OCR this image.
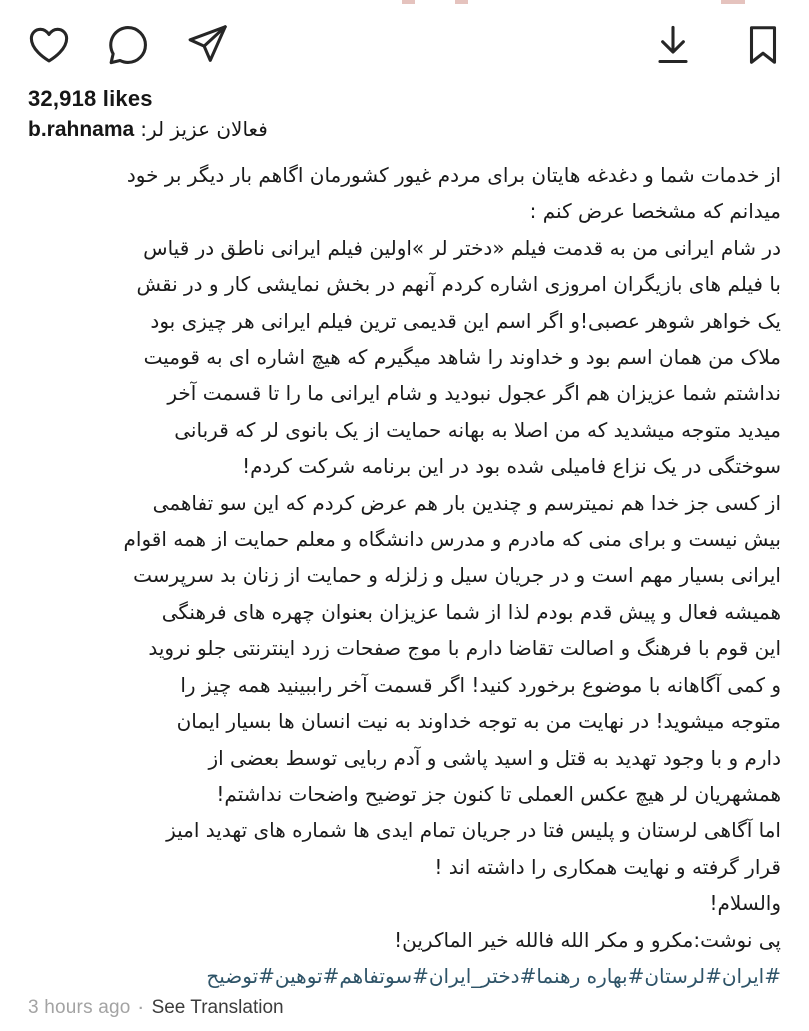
32,918 likes
b.rahnama فعالان عزیز لر:
از خدمات شما و دغدغه هایتان برای مردم غیور کشورمان اگاهم بار دیگر بر خود
میدانم که مشخصا عرض کنم :
در شام ایرانی من به قدمت فیلم «دختر لر »اولین فیلم ایرانی ناطق در قیاس
با فیلم های بازیگران امروزی اشاره کردم آنهم در بخش نمایشی کار و در نقش
یک خواهر شوهر عصبی!و اگر اسم این قدیمی ترین فیلم ایرانی هر چیزی بود
ملاک من همان اسم بود و خداوند را شاهد میگیرم که هیچ اشاره ای به قومیت
نداشتم شما عزیزان هم اگر عجول نبودید و شام ایرانی ما را تا قسمت آخر
میدید متوجه میشدید که من اصلا به بهانه حمایت از یک بانوی لر که قربانی
سوختگی در یک نزاع فامیلی شده بود در این برنامه شرکت کردم!
از کسی جز خدا هم نمیترسم و چندین بار هم عرض کردم که این سو تفاهمی
بیش نیست و برای منی که مادرم و مدرس دانشگاه و معلم حمایت از همه اقوام
ایرانی بسیار مهم است و در جریان سیل و زلزله و حمایت از زنان بد سرپرست
همیشه فعال و پیش قدم بودم لذا از شما عزیزان بعنوان چهره های فرهنگی
این قوم با فرهنگ و اصالت تقاضا دارم با موج صفحات زرد اینترنتی جلو نروید
و کمی آگاهانه با موضوع برخورد کنید! اگر قسمت آخر راببینید همه چیز را
متوجه میشوید! در نهایت من به توجه خداوند به نیت انسان ها بسیار ایمان
دارم و با وجود تهدید به قتل و اسید پاشی و آدم ربایی توسط بعضی از
همشهریان لر هیچ عکس العملی تا کنون جز توضیح واضحات نداشتم!
اما آگاهی لرستان و پلیس فتا در جریان تمام ایدی ها شماره های تهدید امیز
قرار گرفته و نهایت همکاری را داشته اند !
والسلام!
پی نوشت:مکرو و مکر الله فالله خیر الماکرین!
#ایران#لرستان#بهاره رهنما#دختر_ایران#سوتفاهم#توهین#توضیح
3 hours ago · See Translation
